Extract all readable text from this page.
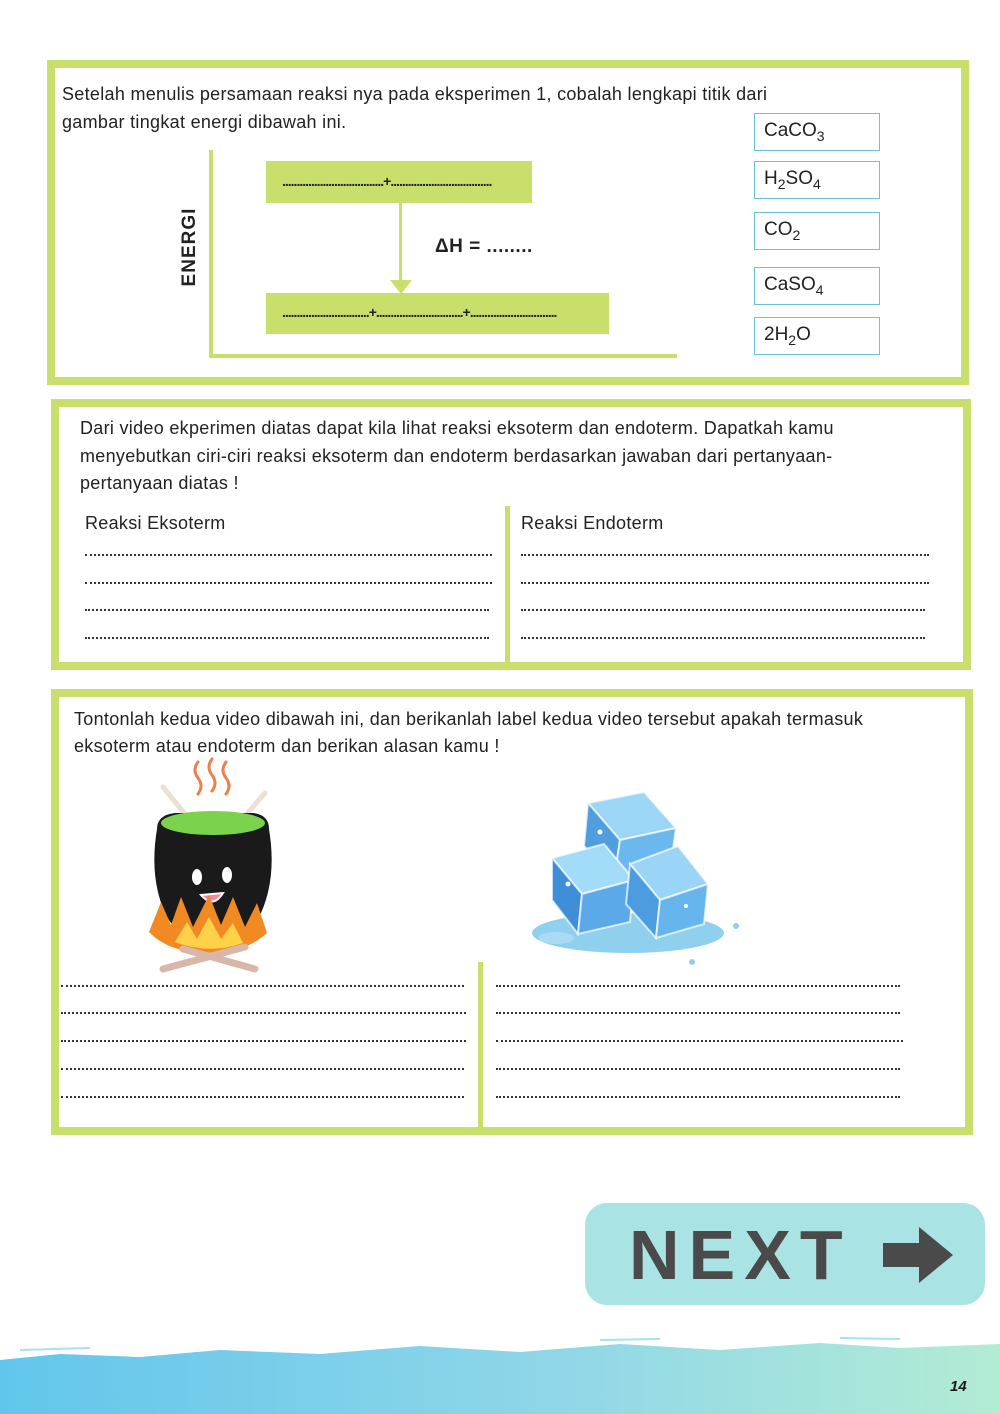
Setelah menulis persamaan reaksi nya pada eksperimen 1, cobalah lengkapi titik dari
gambar tingkat energi dibawah ini.
ENERGI
...................................+...................................
ΔH = ........
..............................+..............................+..............................
CaCO$_3$
$H_2SO_4$
$CO_2$
CaSO$_4$
$2H_2O$
Dari video ekperimen diatas dapat kila lihat reaksi eksoterm dan endoterm. Dapatkah kamu
menyebutkan ciri-ciri reaksi eksoterm dan endoterm berdasarkan jawaban dari pertanyaan-
pertanyaan diatas !
Reaksi Eksoterm	Reaksi Endoterm
Tontonlah kedua video dibawah ini, dan berikanlah label kedua video tersebut apakah termasuk
eksoterm atau endoterm dan berikan alasan kamu !
NEXT
14
